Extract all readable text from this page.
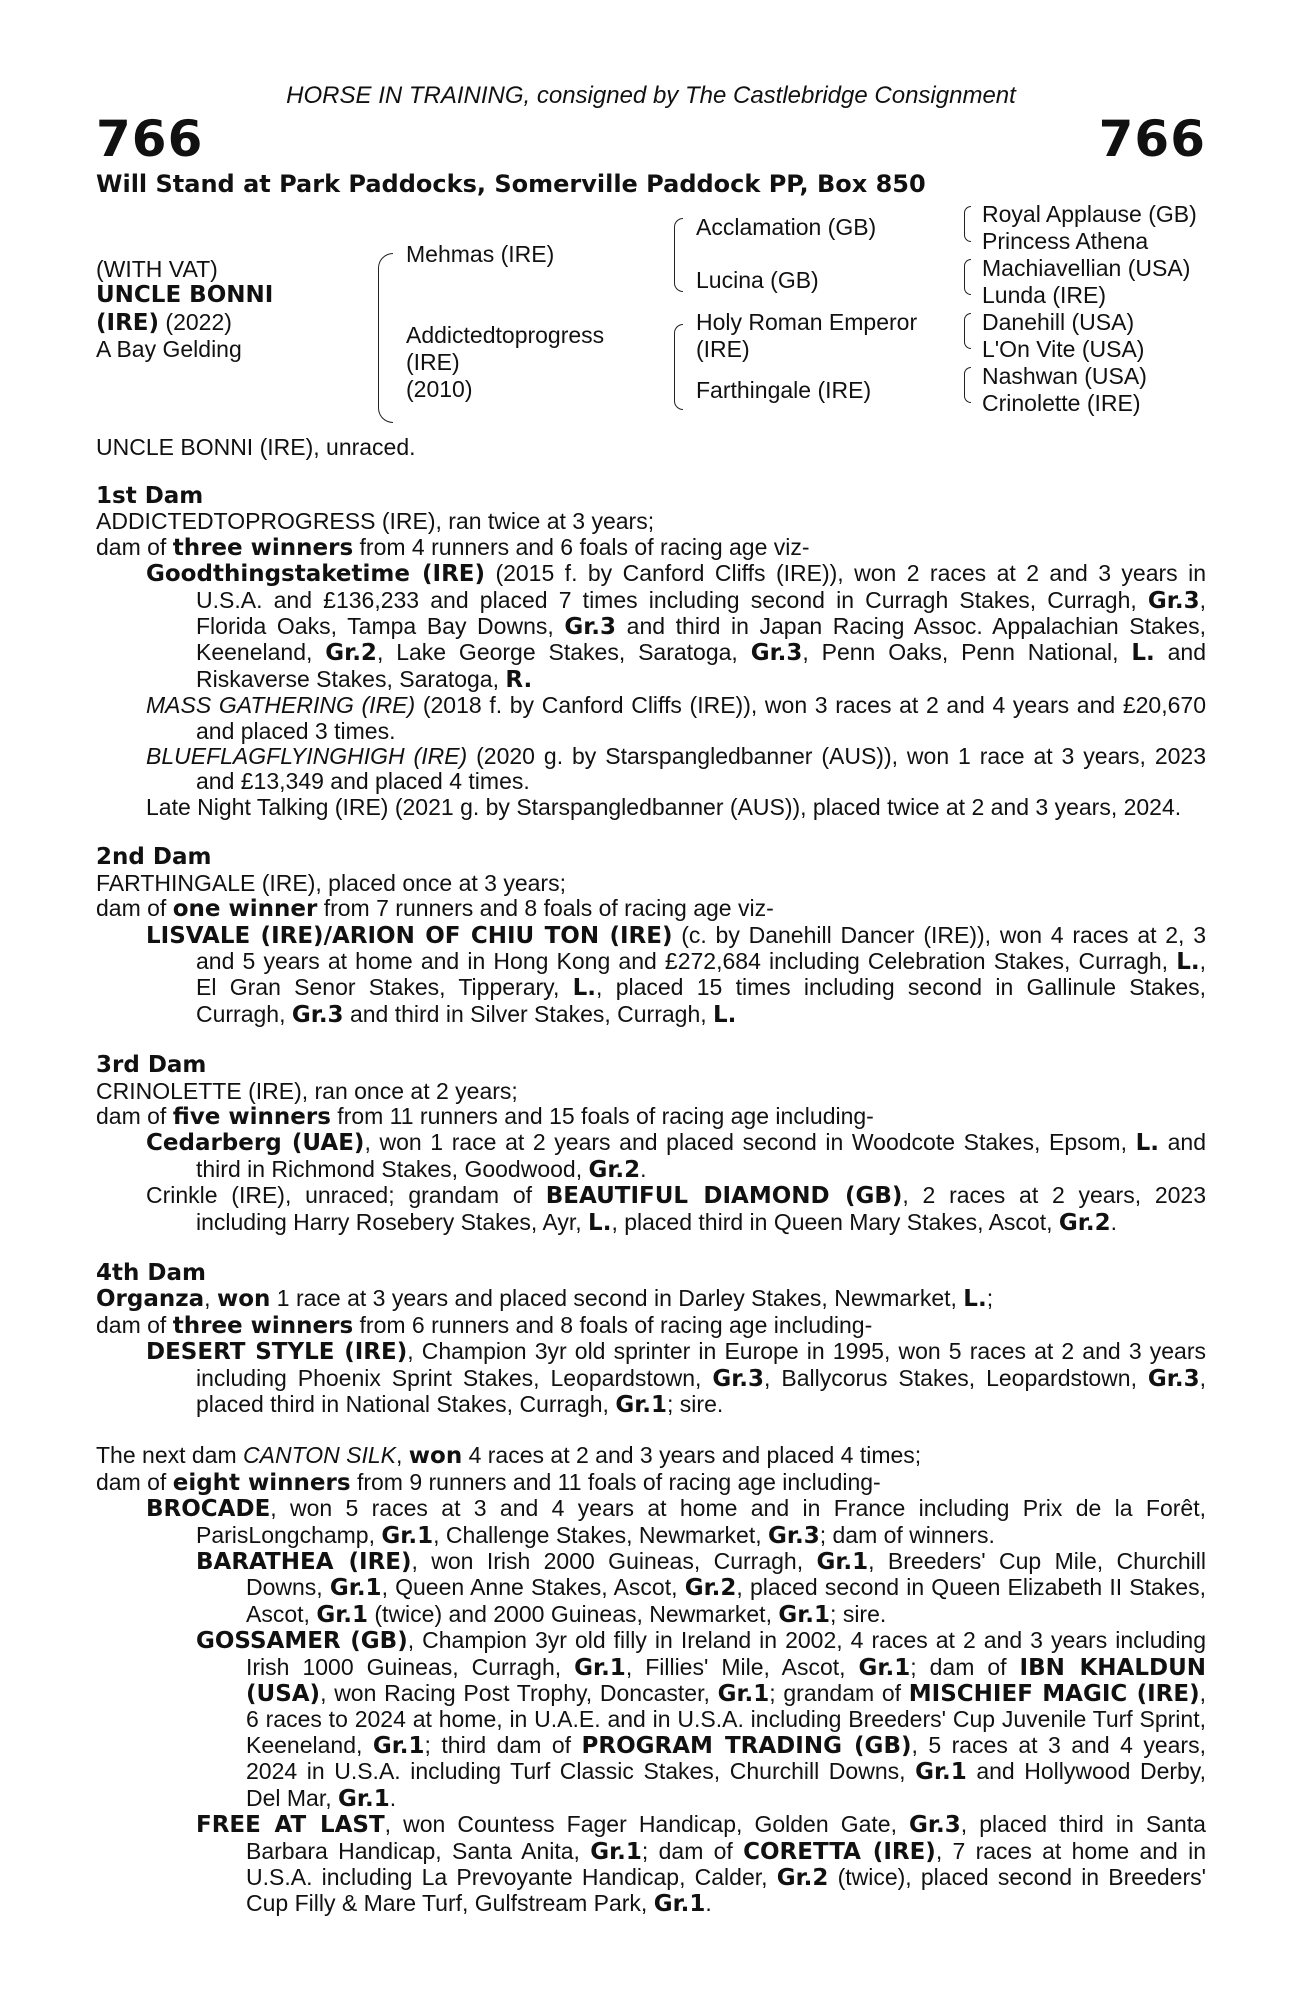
HORSE IN TRAINING, consigned by The Castlebridge Consignment
766	766
Will Stand at Park Paddocks, Somerville Paddock PP, Box 850
(WITH VAT)
UNCLE BONNI
(IRE) (2022)
A Bay Gelding
Mehmas (IRE)
Addictedtoprogress
(IRE)
(2010)
Acclamation (GB)
Lucina (GB)
Holy Roman Emperor
(IRE)
Farthingale (IRE)
Royal Applause (GB)
Princess Athena
Machiavellian (USA)
Lunda (IRE)
Danehill (USA)
L'On Vite (USA)
Nashwan (USA)
Crinolette (IRE)
UNCLE BONNI (IRE), unraced.
1st Dam
ADDICTEDTOPROGRESS (IRE), ran twice at 3 years;
dam of three winners from 4 runners and 6 foals of racing age viz-
Goodthingstaketime (IRE) (2015 f. by Canford Cliffs (IRE)), won 2 races at 2 and 3 years in U.S.A. and £136,233 and placed 7 times including second in Curragh Stakes, Curragh, Gr.3, Florida Oaks, Tampa Bay Downs, Gr.3 and third in Japan Racing Assoc. Appalachian Stakes, Keeneland, Gr.2, Lake George Stakes, Saratoga, Gr.3, Penn Oaks, Penn National, L. and Riskaverse Stakes, Saratoga, R.
MASS GATHERING (IRE) (2018 f. by Canford Cliffs (IRE)), won 3 races at 2 and 4 years and £20,670 and placed 3 times.
BLUEFLAGFLYINGHIGH (IRE) (2020 g. by Starspangledbanner (AUS)), won 1 race at 3 years, 2023 and £13,349 and placed 4 times.
Late Night Talking (IRE) (2021 g. by Starspangledbanner (AUS)), placed twice at 2 and 3 years, 2024.
2nd Dam
FARTHINGALE (IRE), placed once at 3 years;
dam of one winner from 7 runners and 8 foals of racing age viz-
LISVALE (IRE)/ARION OF CHIU TON (IRE) (c. by Danehill Dancer (IRE)), won 4 races at 2, 3 and 5 years at home and in Hong Kong and £272,684 including Celebration Stakes, Curragh, L., El Gran Senor Stakes, Tipperary, L., placed 15 times including second in Gallinule Stakes, Curragh, Gr.3 and third in Silver Stakes, Curragh, L.
3rd Dam
CRINOLETTE (IRE), ran once at 2 years;
dam of five winners from 11 runners and 15 foals of racing age including-
Cedarberg (UAE), won 1 race at 2 years and placed second in Woodcote Stakes, Epsom, L. and third in Richmond Stakes, Goodwood, Gr.2.
Crinkle (IRE), unraced; grandam of BEAUTIFUL DIAMOND (GB), 2 races at 2 years, 2023 including Harry Rosebery Stakes, Ayr, L., placed third in Queen Mary Stakes, Ascot, Gr.2.
4th Dam
Organza, won 1 race at 3 years and placed second in Darley Stakes, Newmarket, L.;
dam of three winners from 6 runners and 8 foals of racing age including-
DESERT STYLE (IRE), Champion 3yr old sprinter in Europe in 1995, won 5 races at 2 and 3 years including Phoenix Sprint Stakes, Leopardstown, Gr.3, Ballycorus Stakes, Leopardstown, Gr.3, placed third in National Stakes, Curragh, Gr.1; sire.
The next dam CANTON SILK, won 4 races at 2 and 3 years and placed 4 times;
dam of eight winners from 9 runners and 11 foals of racing age including-
BROCADE, won 5 races at 3 and 4 years at home and in France including Prix de la Forêt, ParisLongchamp, Gr.1, Challenge Stakes, Newmarket, Gr.3; dam of winners.
BARATHEA (IRE), won Irish 2000 Guineas, Curragh, Gr.1, Breeders' Cup Mile, Churchill Downs, Gr.1, Queen Anne Stakes, Ascot, Gr.2, placed second in Queen Elizabeth II Stakes, Ascot, Gr.1 (twice) and 2000 Guineas, Newmarket, Gr.1; sire.
GOSSAMER (GB), Champion 3yr old filly in Ireland in 2002, 4 races at 2 and 3 years including Irish 1000 Guineas, Curragh, Gr.1, Fillies' Mile, Ascot, Gr.1; dam of IBN KHALDUN (USA), won Racing Post Trophy, Doncaster, Gr.1; grandam of MISCHIEF MAGIC (IRE), 6 races to 2024 at home, in U.A.E. and in U.S.A. including Breeders' Cup Juvenile Turf Sprint, Keeneland, Gr.1; third dam of PROGRAM TRADING (GB), 5 races at 3 and 4 years, 2024 in U.S.A. including Turf Classic Stakes, Churchill Downs, Gr.1 and Hollywood Derby, Del Mar, Gr.1.
FREE AT LAST, won Countess Fager Handicap, Golden Gate, Gr.3, placed third in Santa Barbara Handicap, Santa Anita, Gr.1; dam of CORETTA (IRE), 7 races at home and in U.S.A. including La Prevoyante Handicap, Calder, Gr.2 (twice), placed second in Breeders' Cup Filly & Mare Turf, Gulfstream Park, Gr.1.
